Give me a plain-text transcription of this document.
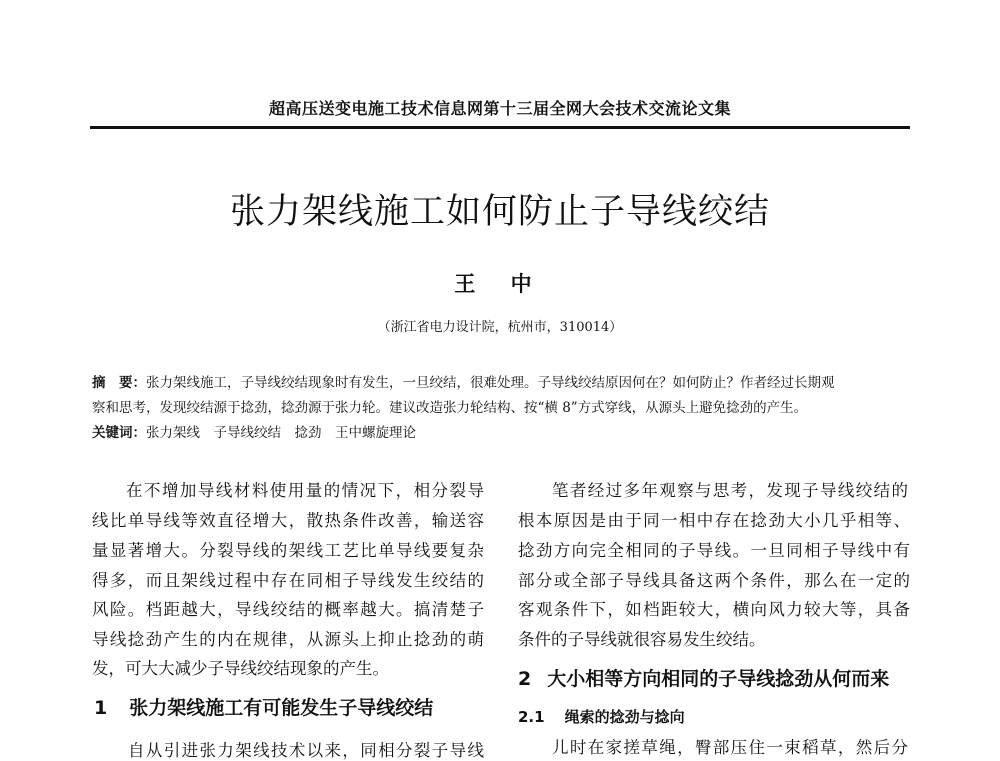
超高压送变电施工技术信息网第十三届全网大会技术交流论文集
张力架线施工如何防止子导线绞结
王 中
（浙江省电力设计院，杭州市，310014）
摘　要：张力架线施工，子导线绞结现象时有发生，一旦绞结，很难处理。子导线绞结原因何在？如何防止？作者经过长期观
察和思考，发现绞结源于捻劲，捻劲源于张力轮。建议改造张力轮结构、按“横 8”方式穿线，从源头上避免捻劲的产生。
关键词：张力架线  子导线绞结  捻劲  王中螺旋理论
在不增加导线材料使用量的情况下，相分裂导
线比单导线等效直径增大，散热条件改善，输送容
量显著增大。分裂导线的架线工艺比单导线要复杂
得多，而且架线过程中存在同相子导线发生绞结的
风险。档距越大，导线绞结的概率越大。搞清楚子
导线捻劲产生的内在规律，从源头上抑止捻劲的萌
发，可大大减少子导线绞结现象的产生。
1 张力架线施工有可能发生子导线绞结
自从引进张力架线技术以来，同相分裂子导线
笔者经过多年观察与思考，发现子导线绞结的
根本原因是由于同一相中存在捻劲大小几乎相等、
捻劲方向完全相同的子导线。一旦同相子导线中有
部分或全部子导线具备这两个条件，那么在一定的
客观条件下，如档距较大，横向风力较大等，具备
条件的子导线就很容易发生绞结。
2 大小相等方向相同的子导线捻劲从何而来
2.1 绳索的捻劲与捻向
儿时在家搓草绳，臀部压住一束稻草，然后分
